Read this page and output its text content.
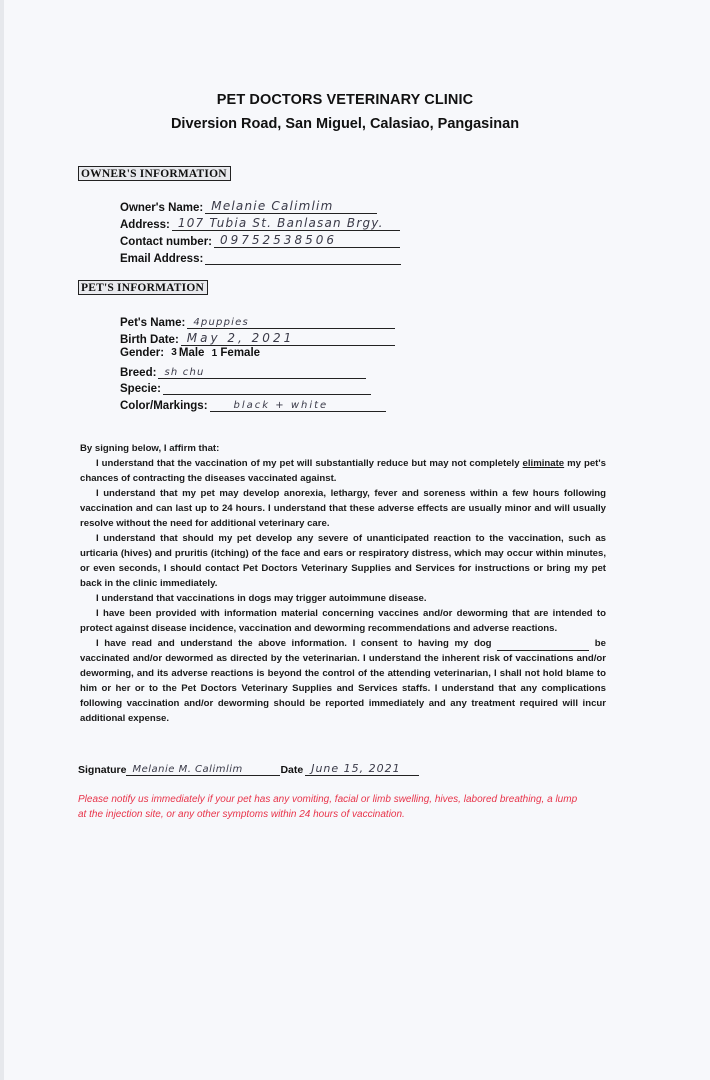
PET DOCTORS VETERINARY CLINIC
Diversion Road, San Miguel, Calasiao, Pangasinan
OWNER'S INFORMATION
Owner's Name: Melanie Calimlim
Address: 107 Tubia St. Banlasan Brgy.
Contact number: 09752538506
Email Address:
PET'S INFORMATION
Pet's Name: 4puppies
Birth Date: May 2, 2021
Gender: 3 Male 1 Female
Breed: sh chu
Specie:
Color/Markings:	black + white

By signing below, I affirm that:

I understand that the vaccination of my pet will substantially reduce but may not completely eliminate my pet's chances of contracting the diseases vaccinated against.

I understand that my pet may develop anorexia, lethargy, fever and soreness within a few hours following vaccination and can last up to 24 hours. I understand that these adverse effects are usually minor and will usually resolve without the need for additional veterinary care.

I understand that should my pet develop any severe of unanticipated reaction to the vaccination, such as urticaria (hives) and pruritis (itching) of the face and ears or respiratory distress, which may occur within minutes, or even seconds, I should contact Pet Doctors Veterinary Supplies and Services for instructions or bring my pet back in the clinic immediately.

I understand that vaccinations in dogs may trigger autoimmune disease.

I have been provided with information material concerning vaccines and/or deworming that are intended to protect against disease incidence, vaccination and deworming recommendations and adverse reactions.

I have read and understand the above information. I consent to having my dog	be vaccinated and/or dewormed as directed by the veterinarian. I understand the inherent risk of vaccinations and/or deworming, and its adverse reactions is beyond the control of the attending veterinarian, I shall not hold blame to him or her or to the Pet Doctors Veterinary Supplies and Services staffs. I understand that any complications following vaccination and/or deworming should be reported immediately and any treatment required will incur additional expense.

Signature Melanie M. Calimlim	Date June 15, 2021
Please notify us immediately if your pet has any vomiting, facial or limb swelling, hives, labored breathing, a lump at the injection site, or any other symptoms within 24 hours of vaccination.
